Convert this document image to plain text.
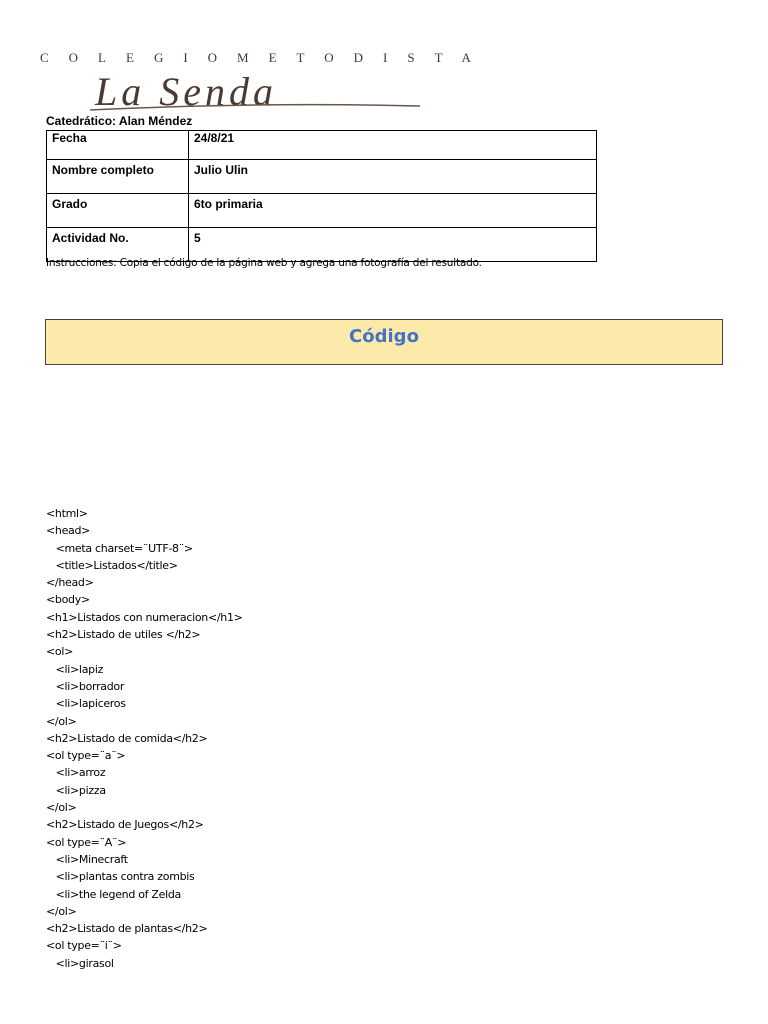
COLEGIOMETODISTA
La Senda
Catedrático: Alan Méndez
Fecha	24/8/21
Nombre completo	Julio Ulin
Grado	6to primaria
Actividad No.	5
Instrucciones: Copia el código de la página web y agrega una fotografía del resultado.
Código
<html>
<head>
<meta charset=¨UTF-8¨>
<title>Listados</title>
</head>
<body>
<h1>Listados con numeracion</h1>
<h2>Listado de utiles </h2>
<ol>
<li>lapiz
<li>borrador
<li>lapiceros
</ol>
<h2>Listado de comida</h2>
<ol type=¨a¨>
<li>arroz
<li>pizza
</ol>
<h2>Listado de Juegos</h2>
<ol type=¨A¨>
<li>Minecraft
<li>plantas contra zombis
<li>the legend of Zelda
</ol>
<h2>Listado de plantas</h2>
<ol type=¨i¨>
<li>girasol
